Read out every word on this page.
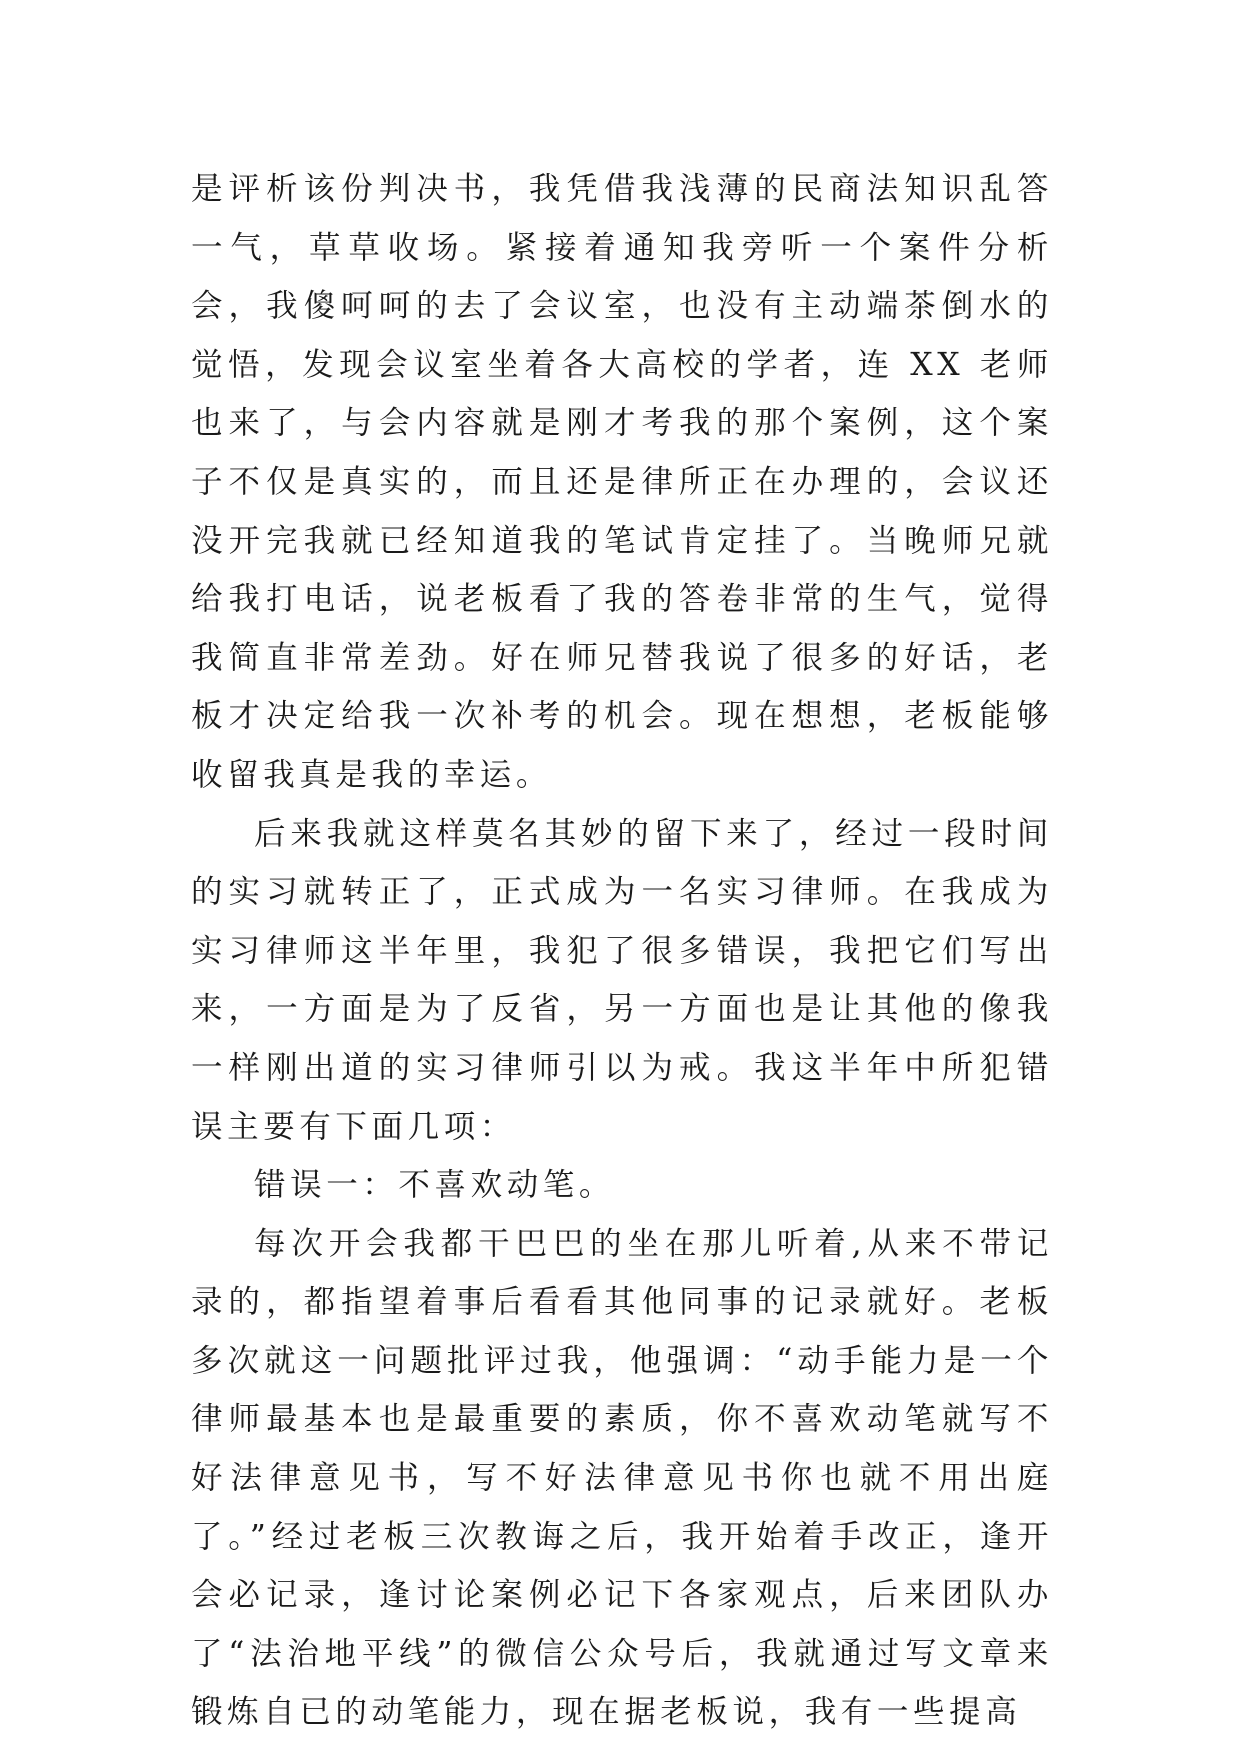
是评析该份判决书，我凭借我浅薄的民商法知识乱答一气，草草收场。紧接着通知我旁听一个案件分析会，我傻呵呵的去了会议室，也没有主动端茶倒水的觉悟，发现会议室坐着各大高校的学者，连 XX 老师也来了，与会内容就是刚才考我的那个案例，这个案子不仅是真实的，而且还是律所正在办理的，会议还没开完我就已经知道我的笔试肯定挂了。当晚师兄就给我打电话，说老板看了我的答卷非常的生气，觉得我简直非常差劲。好在师兄替我说了很多的好话，老板才决定给我一次补考的机会。现在想想，老板能够收留我真是我的幸运。

后来我就这样莫名其妙的留下来了，经过一段时间的实习就转正了，正式成为一名实习律师。在我成为实习律师这半年里，我犯了很多错误，我把它们写出来，一方面是为了反省，另一方面也是让其他的像我一样刚出道的实习律师引以为戒。我这半年中所犯错误主要有下面几项：

错误一：不喜欢动笔。

每次开会我都干巴巴的坐在那儿听着,从来不带记录的，都指望着事后看看其他同事的记录就好。老板多次就这一问题批评过我，他强调：“动手能力是一个律师最基本也是最重要的素质，你不喜欢动笔就写不好法律意见书，写不好法律意见书你也就不用出庭了。”经过老板三次教诲之后，我开始着手改正，逢开会必记录，逢讨论案例必记下各家观点，后来团队办了“法治地平线”的微信公众号后，我就通过写文章来锻炼自已的动笔能力，现在据老板说，我有一些提高
